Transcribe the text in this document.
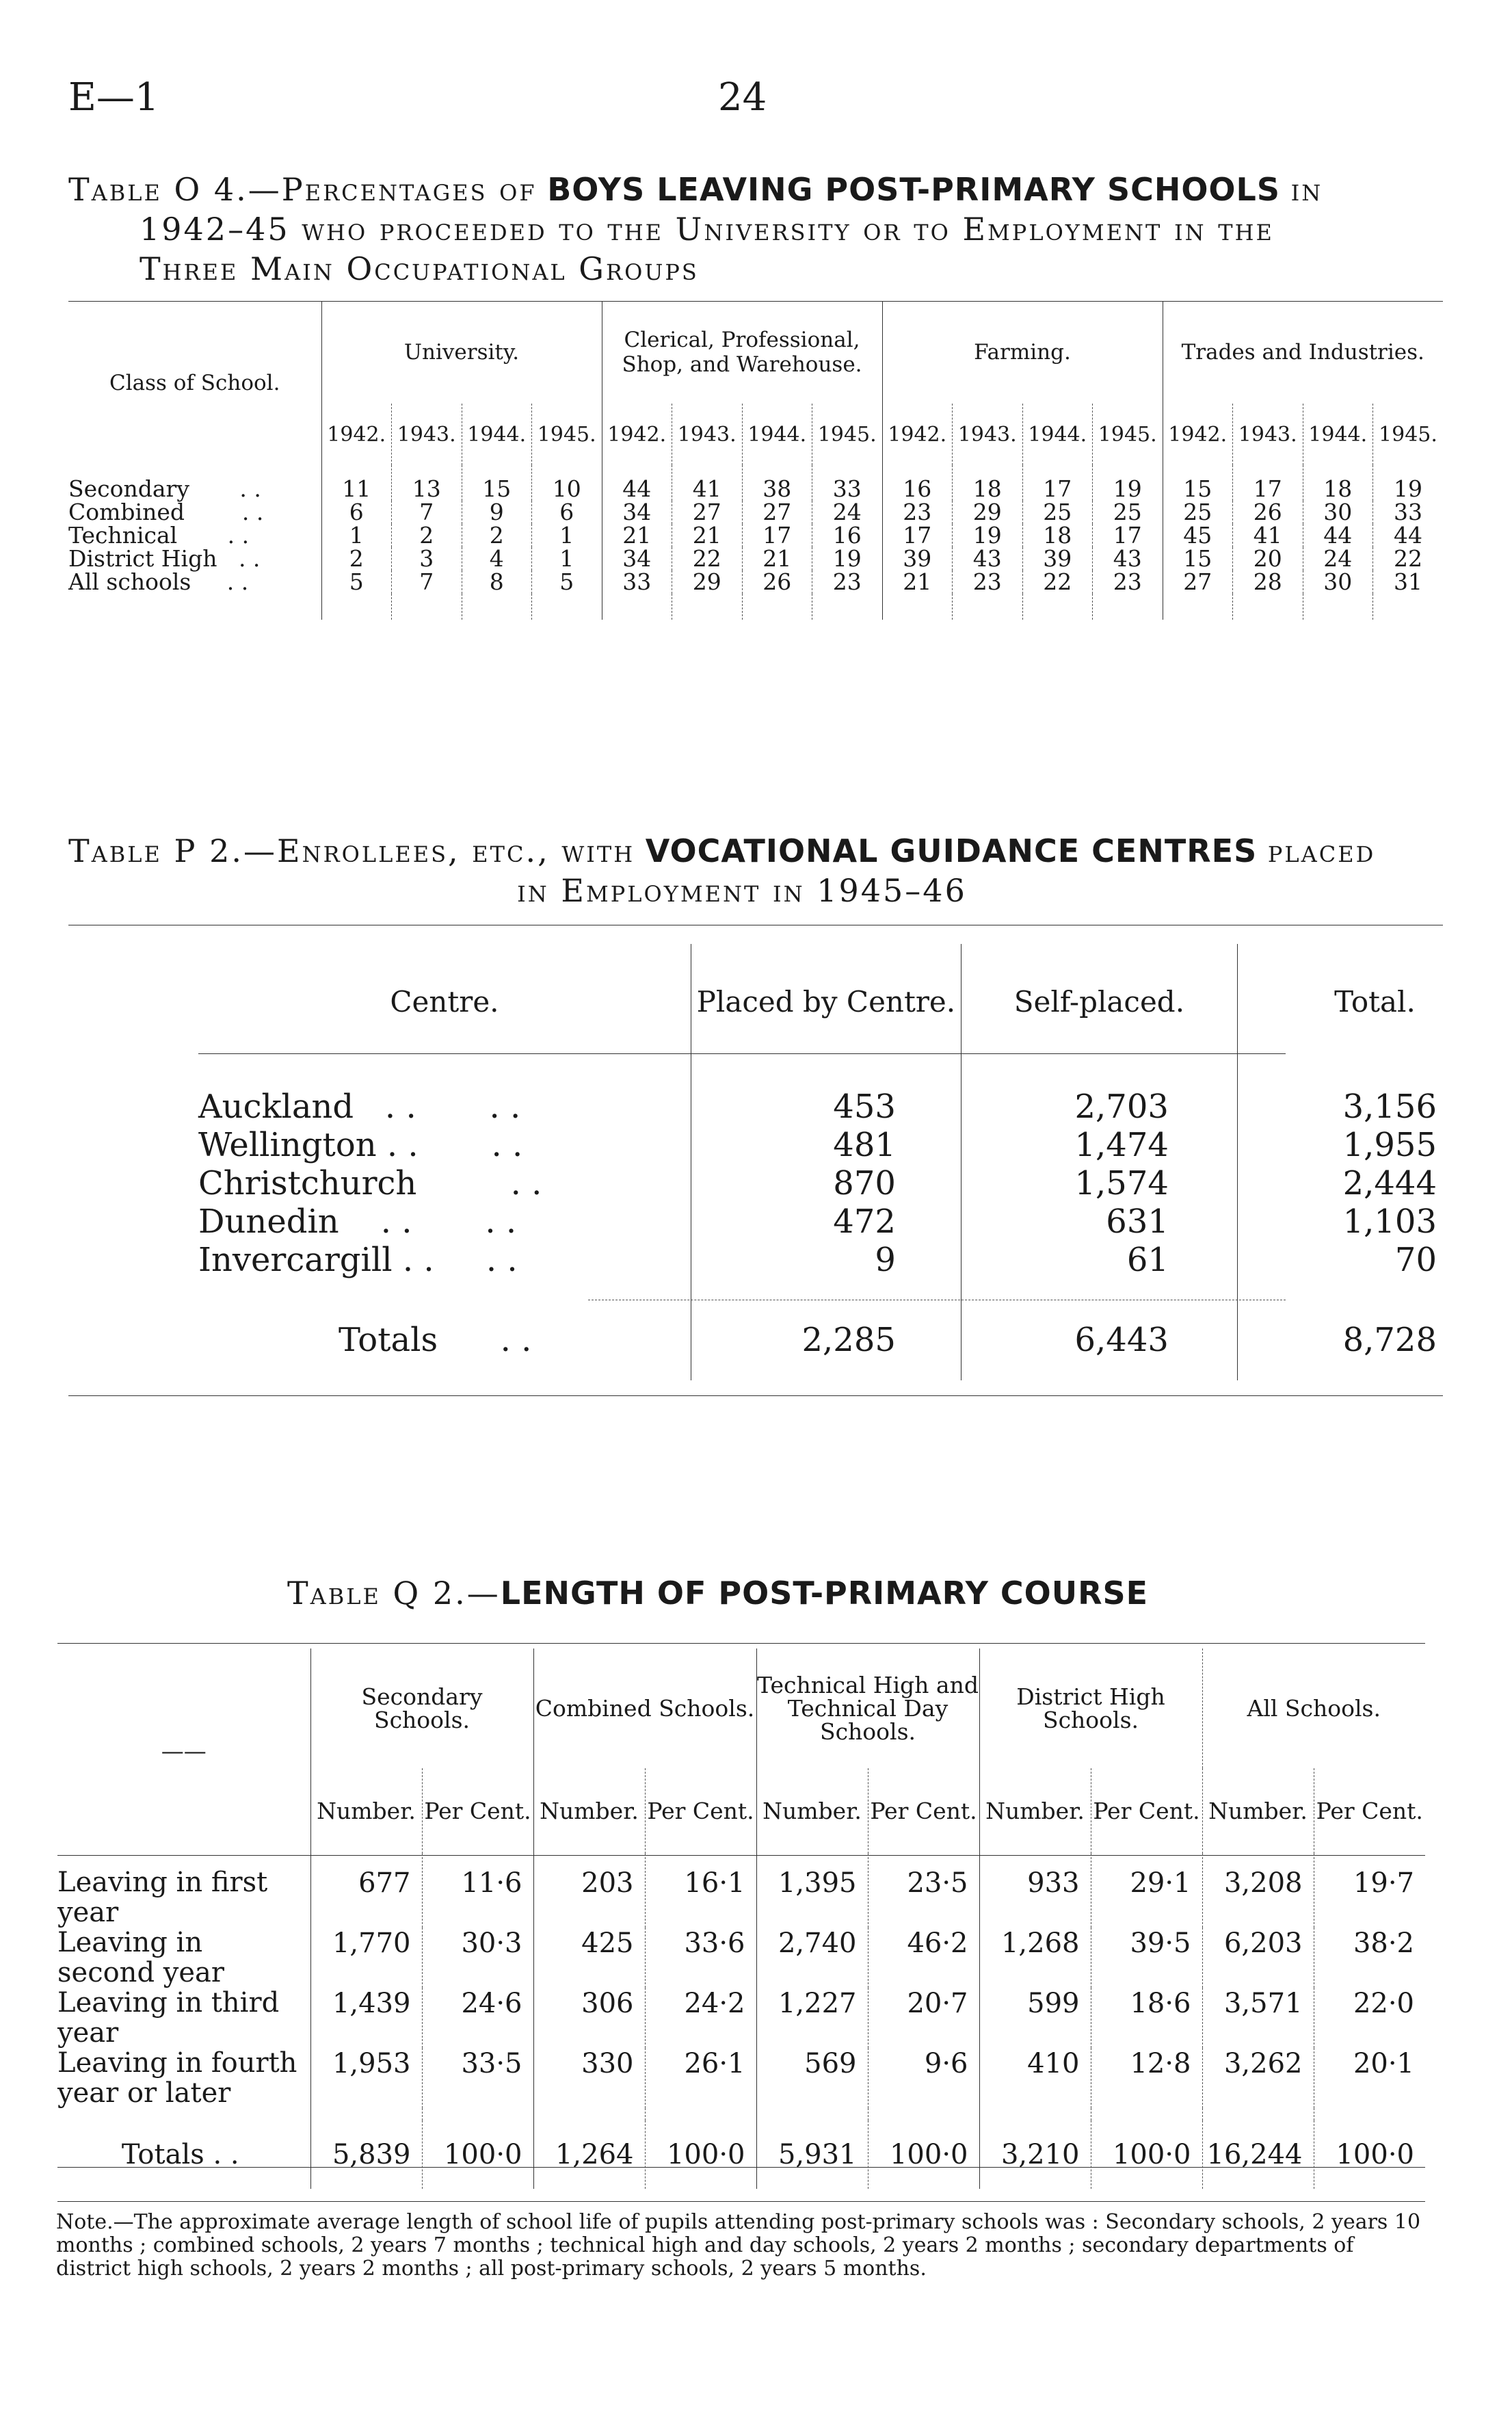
E—1	24
Table O 4.—Percentages of BOYS LEAVING POST-PRIMARY SCHOOLS in
1942–45 who proceeded to the University or to Employment in the
Three Main Occupational Groups
Class of School.	University.				Clerical, Professional, Shop, and Warehouse.				Farming.				Trades and Industries.			
	1942.	1943.	1944.	1945.	1942.	1943.	1944.	1945.	1942.	1943.	1944.	1945.	1942.	1943.	1944.	1945.
Secondary       . .	11	13	15	10	44	41	38	33	16	18	17	19	15	17	18	19
Combined        . .	6	7	9	6	34	27	27	24	23	29	25	25	25	26	30	33
Technical       . .	1	2	2	1	21	21	17	16	17	19	18	17	45	41	44	44
District High   . .	2	3	4	1	34	22	21	19	39	43	39	43	15	20	24	22
All schools     . .	5	7	8	5	33	29	26	23	21	23	22	23	27	28	30	31

Table P 2.—Enrollees, etc., with VOCATIONAL GUIDANCE CENTRES placed
in Employment in 1945–46
Centre.	Placed by Centre.	Self-placed.	Total.

Auckland   . .       . .	453	2,703	3,156
Wellington . .       . .	481	1,474	1,955
Christchurch         . .	870	1,574	2,444
Dunedin    . .       . .	472	631	1,103
Invercargill . .     . .	9	61	70

Totals      . .	2,285	6,443	8,728
Table Q 2.—LENGTH OF POST-PRIMARY COURSE
——	Secondary Schools.		Combined Schools.		Technical High and Technical Day Schools.		District High Schools.		All Schools.	
	Number.	Per Cent.	Number.	Per Cent.	Number.	Per Cent.	Number.	Per Cent.	Number.	Per Cent.
Leaving in first year	677	11·6	203	16·1	1,395	23·5	933	29·1	3,208	19·7
Leaving in second year	1,770	30·3	425	33·6	2,740	46·2	1,268	39·5	6,203	38·2
Leaving in third year	1,439	24·6	306	24·2	1,227	20·7	599	18·6	3,571	22·0
Leaving in fourth year or later	1,953	33·5	330	26·1	569	9·6	410	12·8	3,262	20·1

Totals . .	5,839	100·0	1,264	100·0	5,931	100·0	3,210	100·0	16,244	100·0
Note.—The approximate average length of school life of pupils attending post-primary schools was : Secondary schools, 2 years 10 months ; combined schools, 2 years 7 months ; technical high and day schools, 2 years 2 months ; secondary departments of district high schools, 2 years 2 months ; all post-primary schools, 2 years 5 months.
